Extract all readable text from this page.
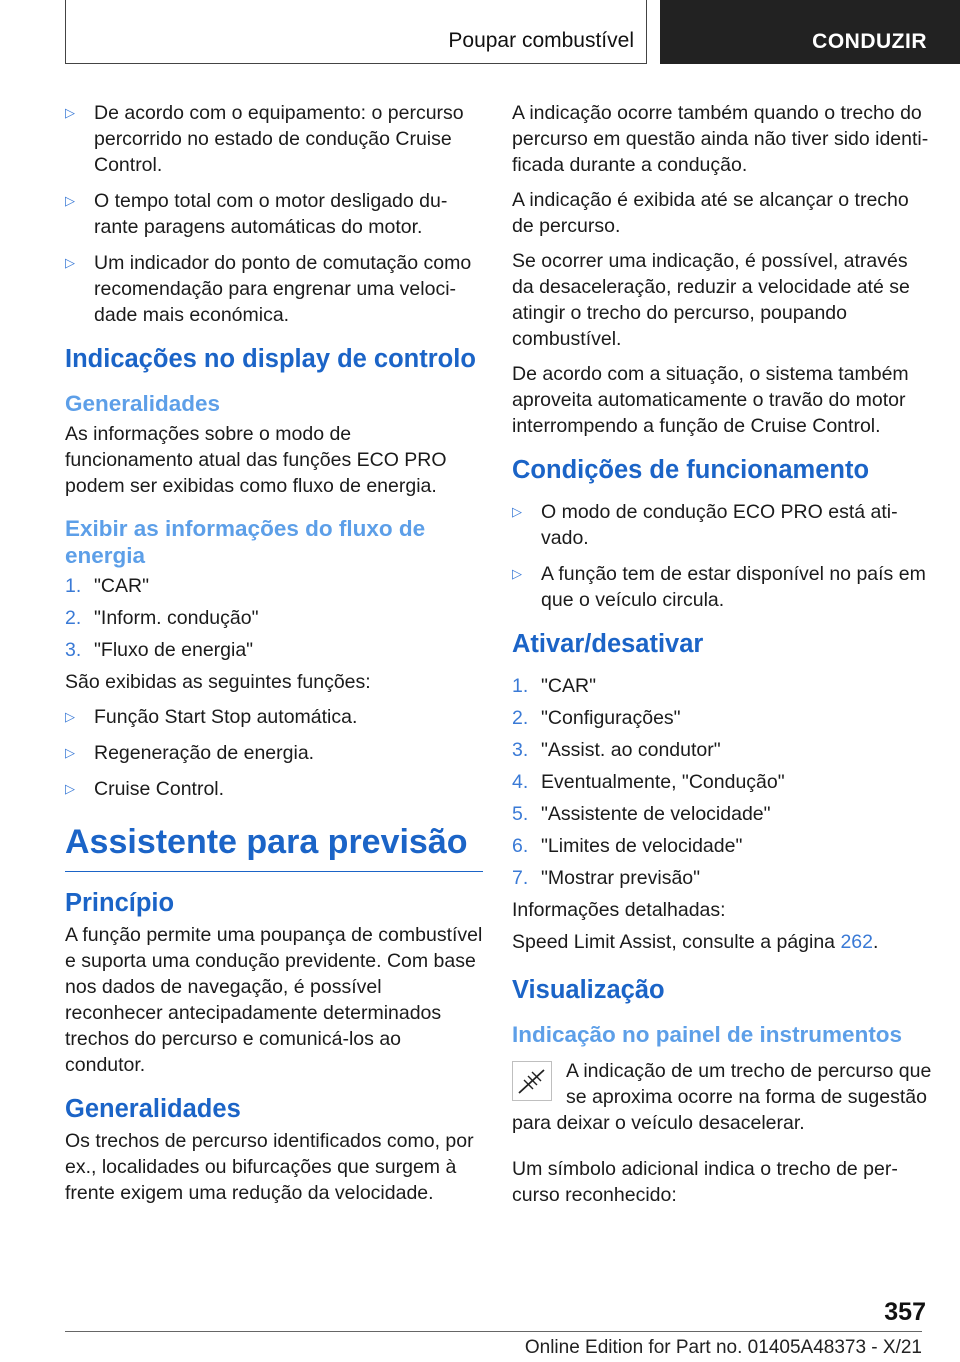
Poupar combustível	CONDUZIR
▷ De acordo com o equipamento: o percurso percorrido no estado de condução Cruise Control.
▷ O tempo total com o motor desligado durante paragens automáticas do motor.
▷ Um indicador do ponto de comutação como recomendação para engrenar uma velocidade mais económica.
Indicações no display de controlo
Generalidades

As informações sobre o modo de funcionamento atual das funções ECO PRO podem ser exibidas como fluxo de energia.

Exibir as informações do fluxo de energia
1. "CAR"
2. "Inform. condução"
3. "Fluxo de energia"

São exibidas as seguintes funções:

▷ Função Start Stop automática.
▷ Regeneração de energia.
▷ Cruise Control.
Assistente para previsão
Princípio

A função permite uma poupança de combustível e suporta uma condução previdente. Com base nos dados de navegação, é possível reconhecer antecipadamente determinados trechos do percurso e comunicá-los ao condutor.

Generalidades

Os trechos de percurso identificados como, por ex., localidades ou bifurcações que surgem à frente exigem uma redução da velocidade.

A indicação ocorre também quando o trecho do percurso em questão ainda não tiver sido identificada durante a condução.

A indicação é exibida até se alcançar o trecho de percurso.

Se ocorrer uma indicação, é possível, através da desaceleração, reduzir a velocidade até se atingir o trecho do percurso, poupando combustível.

De acordo com a situação, o sistema também aproveita automaticamente o travão do motor interrompendo a função de Cruise Control.

Condições de funcionamento
▷ O modo de condução ECO PRO está ativado.
▷ A função tem de estar disponível no país em que o veículo circula.
Ativar/desativar
1. "CAR"
2. "Configurações"
3. "Assist. ao condutor"
4. Eventualmente, "Condução"
5. "Assistente de velocidade"
6. "Limites de velocidade"
7. "Mostrar previsão"

Informações detalhadas:

Speed Limit Assist, consulte a página 262.

Visualização
Indicação no painel de instrumentos

A indicação de um trecho de percurso que se aproxima ocorre na forma de sugestão para deixar o veículo desacelerar.

Um símbolo adicional indica o trecho de percurso reconhecido:

357
Online Edition for Part no. 01405A48373 - X/21
